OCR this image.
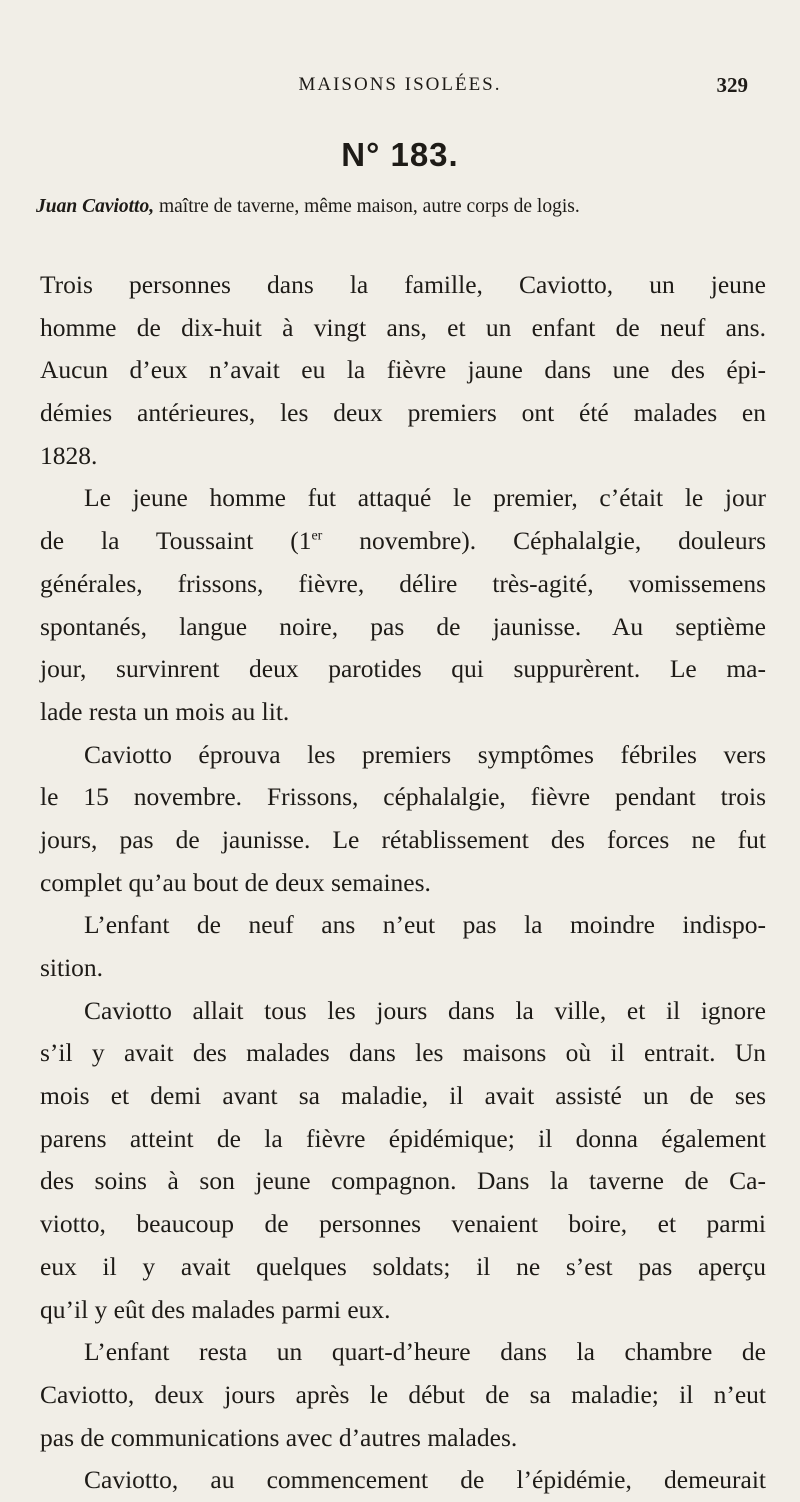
MAISONS ISOLÉES.	329
N° 183.
Juan Caviotto, maître de taverne, même maison, autre corps de logis.
Trois personnes dans la famille, Caviotto, un jeune
homme de dix-huit à vingt ans, et un enfant de neuf ans.
Aucun d’eux n’avait eu la fièvre jaune dans une des épi-
démies antérieures, les deux premiers ont été malades en
1828.
Le jeune homme fut attaqué le premier, c’était le jour
de la Toussaint (1er novembre). Céphalalgie, douleurs
générales, frissons, fièvre, délire très-agité, vomissemens
spontanés, langue noire, pas de jaunisse. Au septième
jour, survinrent deux parotides qui suppurèrent. Le ma-
lade resta un mois au lit.
Caviotto éprouva les premiers symptômes fébriles vers
le 15 novembre. Frissons, céphalalgie, fièvre pendant trois
jours, pas de jaunisse. Le rétablissement des forces ne fut
complet qu’au bout de deux semaines.
L’enfant de neuf ans n’eut pas la moindre indispo-
sition.
Caviotto allait tous les jours dans la ville, et il ignore
s’il y avait des malades dans les maisons où il entrait. Un
mois et demi avant sa maladie, il avait assisté un de ses
parens atteint de la fièvre épidémique; il donna également
des soins à son jeune compagnon. Dans la taverne de Ca-
viotto, beaucoup de personnes venaient boire, et parmi
eux il y avait quelques soldats; il ne s’est pas aperçu
qu’il y eût des malades parmi eux.
L’enfant resta un quart-d’heure dans la chambre de
Caviotto, deux jours après le début de sa maladie; il n’eut
pas de communications avec d’autres malades.
Caviotto, au commencement de l’épidémie, demeurait
